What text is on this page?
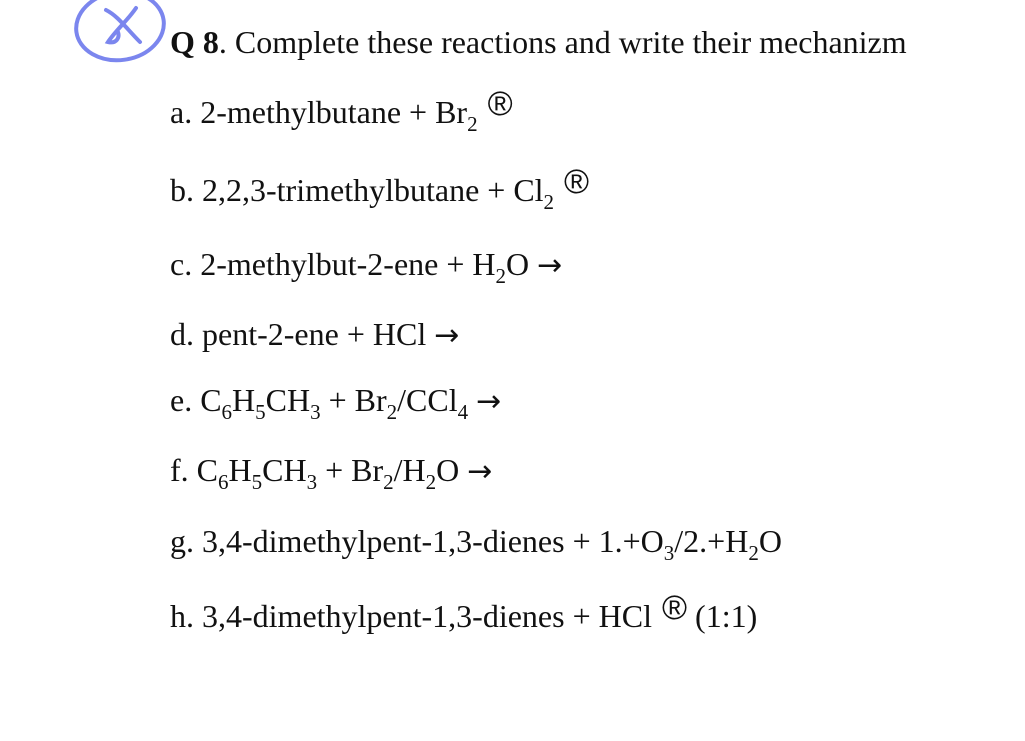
Q 8. Complete these reactions and write their mechanizm
a. 2-methylbutane + $Br_2$ ®
b. 2,2,3-trimethylbutane + $Cl_2$ ®
c. 2-methylbut-2-ene + $H_2O$ →
d. pent-2-ene + HCl →
e. $C_6H_5CH_3 + Br_2/CCl_4$ →
f. $C_6H_5CH_3 + Br_2/H_2O$ →
g. 3,4-dimethylpent-1,3-dienes + $1.+O_3/2.+H_2O$
h. 3,4-dimethylpent-1,3-dienes + HCl ® (1:1)
